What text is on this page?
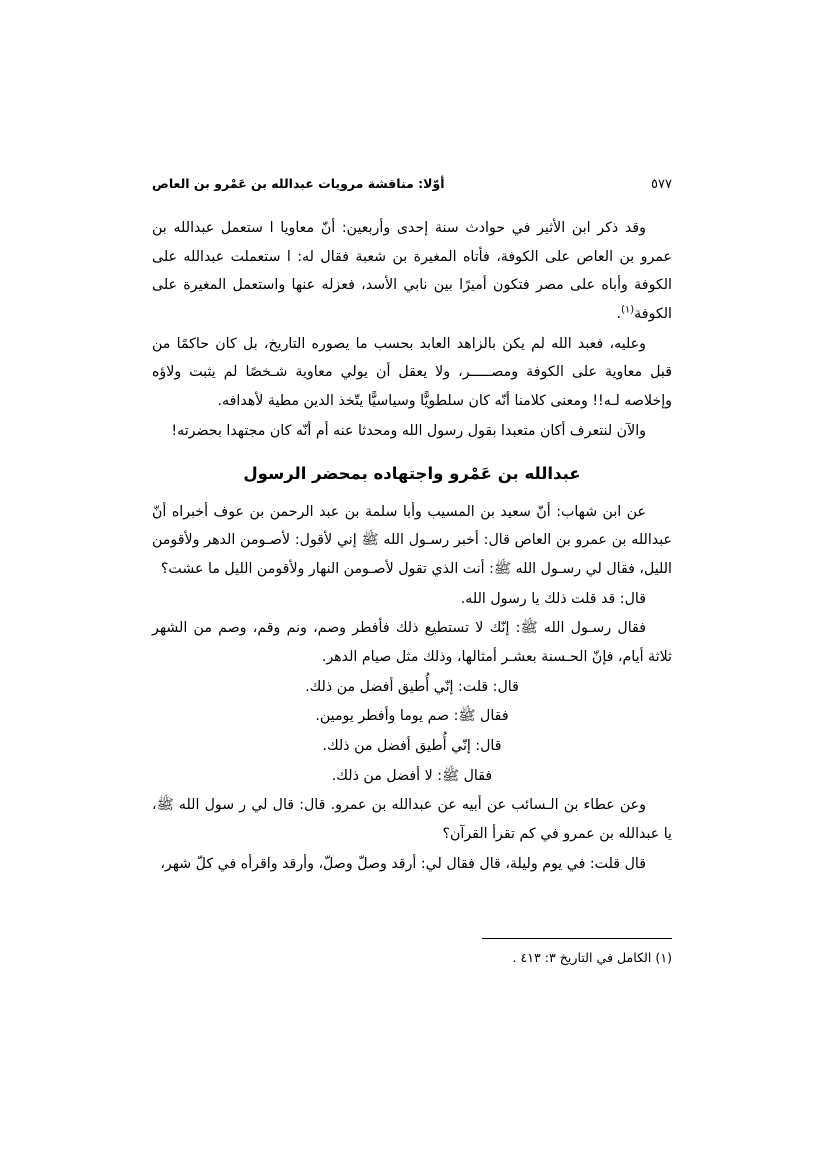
أوّلا: مناقشة مرويات عبدالله بن عَمْرو بن العاص	٥٧٧

وقد ذكر ابن الأثير في حوادث سنة إحدى وأربعين: أنّ معاويا ا ستعمل عبدالله بن عمرو بن العاص على الكوفة، فأتاه المغيرة بن شعبة فقال له: ا ستعملت عبدالله على الكوفة وأباه على مصر فتكون أميرًا بين نابي الأسد، فعزله عنها واستعمل المغيرة على الكوفة$^{(١)}$.

وعليه، فعبد الله لم يكن بالزاهد العابد بحسب ما يصوره التاريخ، بل كان حاكمًا من قبل معاوية على الكوفة ومصـــــر، ولا يعقل أن يولي معاوية شـخصًا لم يثبت ولاؤه وإخلاصه لـه!! ومعنى كلامنا أنّه كان سلطويًّا وسياسيًّا يتّخذ الدين مطية لأهدافه.

والآن لنتعرف أكان متعبدا بقول رسول الله ومحدثا عنه أم أنّه كان مجتهدا بحضرته!

عبدالله بن عَمْرو واجتهاده بمحضر الرسول

عن ابن شهاب: أنّ سعيد بن المسيب وأبا سلمة بن عبد الرحمن بن عوف أخبراه أنّ عبدالله بن عمرو بن العاص قال: أخبر رسـول الله ﷺ إني لأقول: لأصـومن الدهر ولأقومن الليل، فقال لي رسـول الله ﷺ: أنت الذي تقول لأصـومن النهار ولأقومن الليل ما عشت؟

قال: قد قلت ذلك يا رسول الله.

فقال رسـول الله ﷺ: إنّك لا تستطيع ذلك فأفطر وصم، ونم وقم، وصم من الشهر ثلاثة أيام، فإنّ الحـسنة بعشـر أمثالها، وذلك مثل صيام الدهر.

قال: قلت: إنّي أُطيق أفضل من ذلك.

فقال ﷺ: صم يوما وأفطر يومين.

قال: إنّي أُطيق أفضل من ذلك.

فقال ﷺ: لا أفضل من ذلك.

وعن عطاء بن الـسائب عن أبيه عن عبدالله بن عمرو. قال: قال لي ر سول الله ﷺ، يا عبدالله بن عمرو في كم تقرأ القرآن؟

قال قلت: في يوم وليلة، قال فقال لي: أرقد وصلّ وصلّ، وأرقد واقرأه في كلّ شهر،

(١) الكامل في التاريخ ٣: ٤١٣ .
